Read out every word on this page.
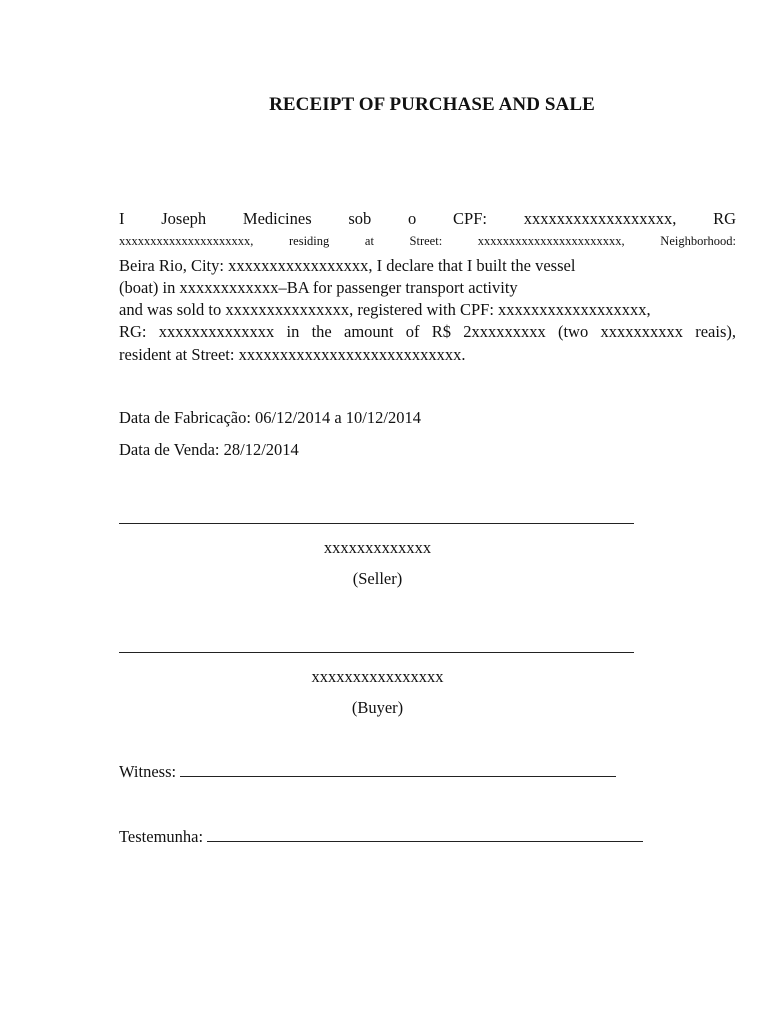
RECEIPT OF PURCHASE AND SALE
I Joseph Medicines sob o CPF: xxxxxxxxxxxxxxxxxx, RG
xxxxxxxxxxxxxxxxxxxxx, residing at Street: xxxxxxxxxxxxxxxxxxxxxxx, Neighborhood:
Beira Rio, City: xxxxxxxxxxxxxxxxx, I declare that I built the vessel
(boat) in xxxxxxxxxxxx–BA for passenger transport activity
and was sold to xxxxxxxxxxxxxxx, registered with CPF: xxxxxxxxxxxxxxxxxx,
RG: xxxxxxxxxxxxxx in the amount of R$ 2xxxxxxxxx (two xxxxxxxxxx reais),
resident at Street: xxxxxxxxxxxxxxxxxxxxxxxxxxx.
Data de Fabricação: 06/12/2014 a 10/12/2014
Data de Venda: 28/12/2014
xxxxxxxxxxxxx
(Seller)
xxxxxxxxxxxxxxxx
(Buyer)
Witness:
Testemunha:
